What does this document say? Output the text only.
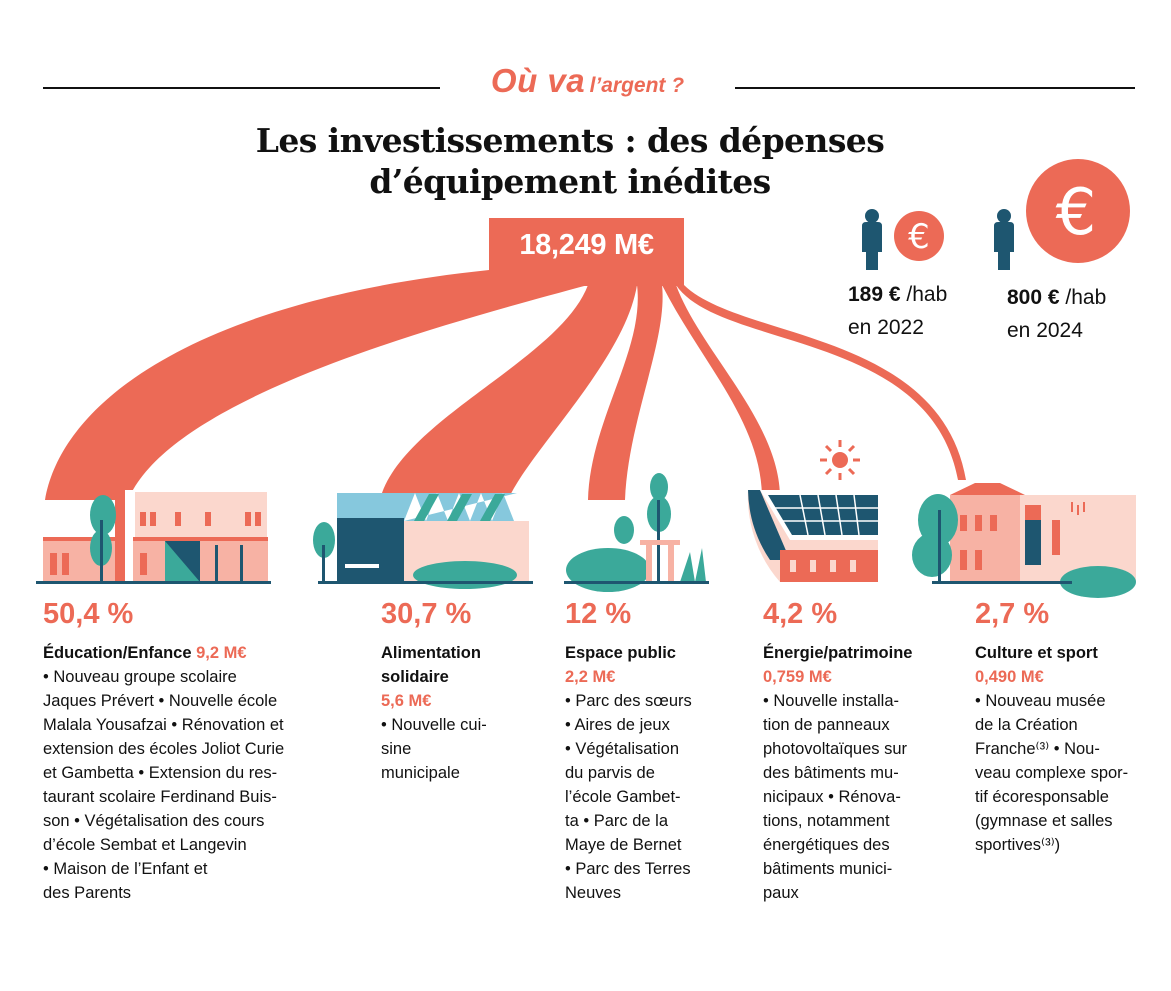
Où va l’argent ?
Les investissements : des dépenses
d’équipement inédites
€ €
18,249 M€
189 € /hab
en 2022
800 € /hab
en 2024
50,4 %
Éducation/Enfance 9,2 M€
• Nouveau groupe scolaire
Jaques Prévert • Nouvelle école
Malala Yousafzai • Rénovation et
extension des écoles Joliot Curie
et Gambetta • Extension du res-
taurant scolaire Ferdinand Buis-
son • Végétalisation des cours
d’école Sembat et Langevin
• Maison de l’Enfant et
des Parents
30,7 %
Alimentation solidaire
5,6 M€
• Nouvelle cui-
sine
municipale
12 %
Espace public
2,2 M€
• Parc des sœurs
• Aires de jeux
• Végétalisation
du parvis de
l’école Gambet-
ta • Parc de la
Maye de Bernet
• Parc des Terres
Neuves
4,2 %
Énergie/patrimoine
0,759 M€
• Nouvelle installa-
tion de panneaux
photovoltaïques sur
des bâtiments mu-
nicipaux • Rénova-
tions, notamment
énergétiques des
bâtiments munici-
paux
2,7 %
Culture et sport
0,490 M€
• Nouveau musée
de la Création
Franche⁽³⁾ • Nou-
veau complexe spor-
tif écoresponsable
(gymnase et salles
sportives⁽³⁾)
